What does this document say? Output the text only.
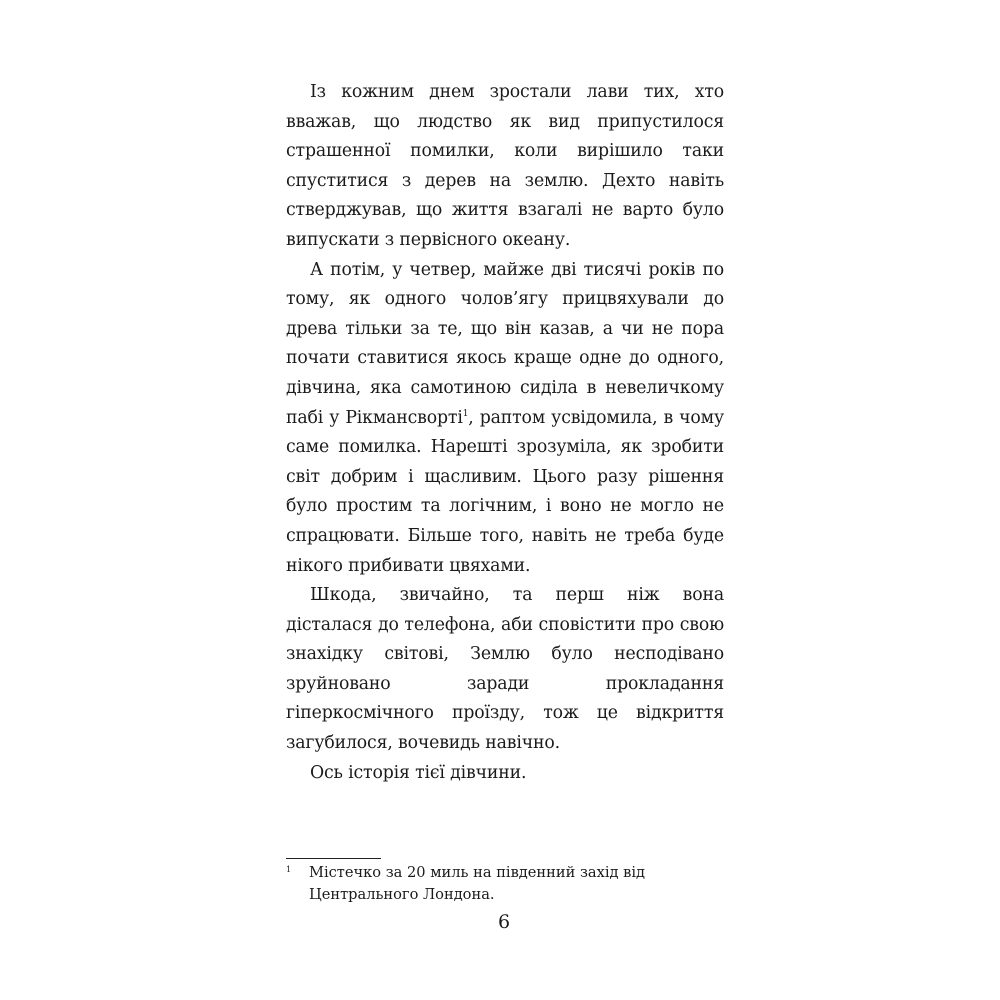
Із кожним днем зростали лави тих, хто вважав, що людство як вид припустилося страшенної помилки, коли вирішило таки спуститися з дерев на землю. Дехто навіть стверджував, що життя взагалі не варто було випускати з первісного океану.

А потім, у четвер, майже дві тисячі років по тому, як одного чолов’ягу прицвяхували до древа тільки за те, що він казав, а чи не пора почати ставитися якось краще одне до одного, дівчина, яка самотиною сиділа в невеличкому пабі у Рікмансворті$^1$, раптом усвідомила, в чому саме помилка. Нарешті зрозуміла, як зробити світ добрим і щасливим. Цього разу рішення було простим та логічним, і воно не могло не спрацювати. Більше того, навіть не треба буде нікого прибивати цвяхами.

Шкода, звичайно, та перш ніж вона дісталася до телефона, аби сповістити про свою знахідку світові, Землю було несподівано зруйновано заради прокладання гіперкосмічного проїзду, тож це відкриття загубилося, вочевидь навічно.

Ось історія тієї дівчини.

1 Містечко за 20 миль на південний захід від Центрального Лондона.
6
